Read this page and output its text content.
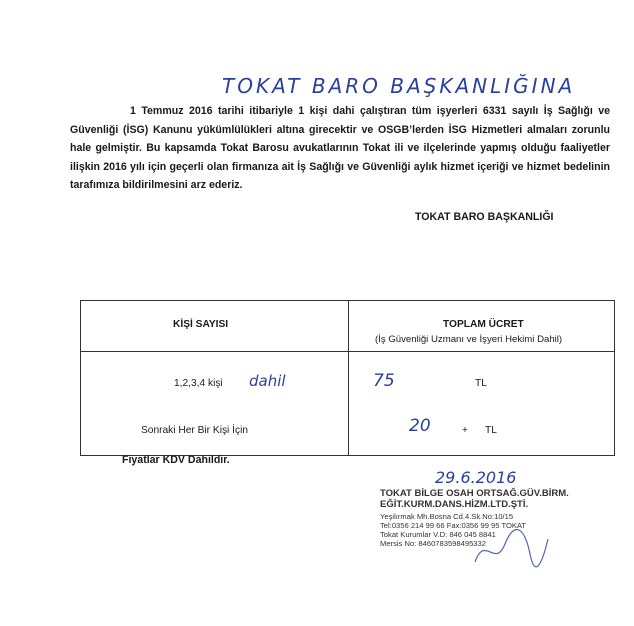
TOKAT BARO BAŞKANLIĞINA
1 Temmuz 2016 tarihi itibariyle 1 kişi dahi çalıştıran tüm işyerleri 6331 sayılı İş Sağlığı ve Güvenliği (İSG) Kanunu yükümlülükleri altına girecektir ve OSGB’lerden İSG Hizmetleri almaları zorunlu hale gelmiştir. Bu kapsamda Tokat Barosu avukatlarının Tokat ili ve ilçelerinde yapmış olduğu faaliyetler ilişkin 2016 yılı için geçerli olan firmanıza ait İş Sağlığı ve Güvenliği aylık hizmet içeriği ve hizmet bedelinin tarafımıza bildirilmesini arz ederiz.
TOKAT BARO BAŞKANLIĞI
KİŞİ SAYISI	TOPLAM ÜCRET
(İş Güvenliği Uzmanı ve İşyeri Hekimi Dahil)
1,2,3,4 kişi dahil	75	TL
Sonraki Her Bir Kişi İçin	20	+ TL
Fiyatlar KDV Dahildir.
29.6.2016
TOKAT BİLGE OSAH ORTSAĞ.GÜV.BİRM.
EĞİT.KURM.DANS.HİZM.LTD.ŞTİ.
Yeşilırmak Mh.Bosna Cd.4.Sk.No:10/15
Tel:0356 214 99 66 Fax:0356 99 95 TOKAT
Tokat Kurumlar V.D: 846 045 8841
Mersis No: 8460783598495332
